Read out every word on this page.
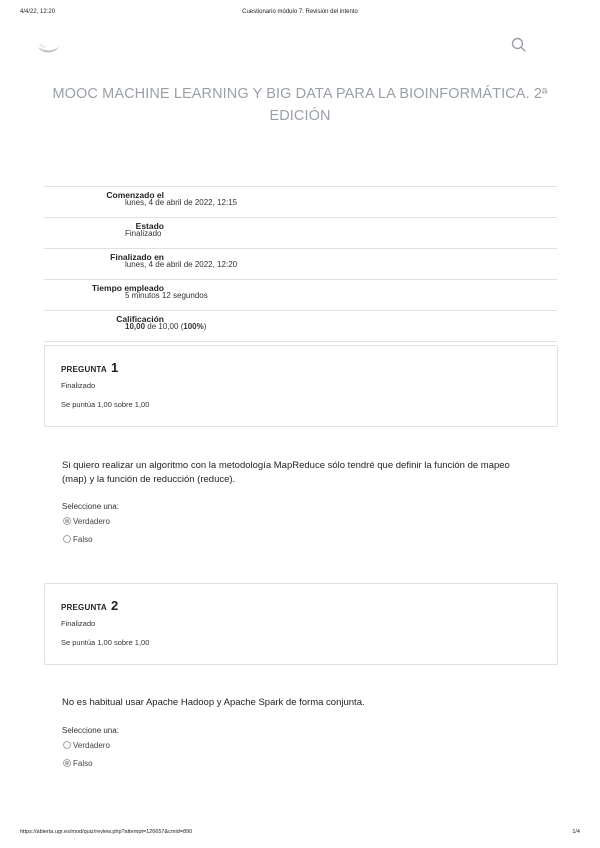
4/4/22, 12:20	Cuestionario módulo 7: Revisión del intento
MOOC MACHINE LEARNING Y BIG DATA PARA LA BIOINFORMÁTICA. 2ª EDICIÓN
Comenzado el
lunes, 4 de abril de 2022, 12:15
Estado
Finalizado
Finalizado en
lunes, 4 de abril de 2022, 12:20
Tiempo empleado
5 minutos 12 segundos
Calificación
10,00 de 10,00 (100%)
PREGUNTA 1
Finalizado
Se puntúa 1,00 sobre 1,00
Si quiero realizar un algoritmo con la metodología MapReduce sólo tendré que definir la función de mapeo (map) y la función de reducción (reduce).
Seleccione una:
Verdadero
Falso
PREGUNTA 2
Finalizado
Se puntúa 1,00 sobre 1,00
No es habitual usar Apache Hadoop y Apache Spark de forma conjunta.
Seleccione una:
Verdadero
Falso
https://abierta.ugr.es/mod/quiz/review.php?attempt=126657&cmid=890	1/4
